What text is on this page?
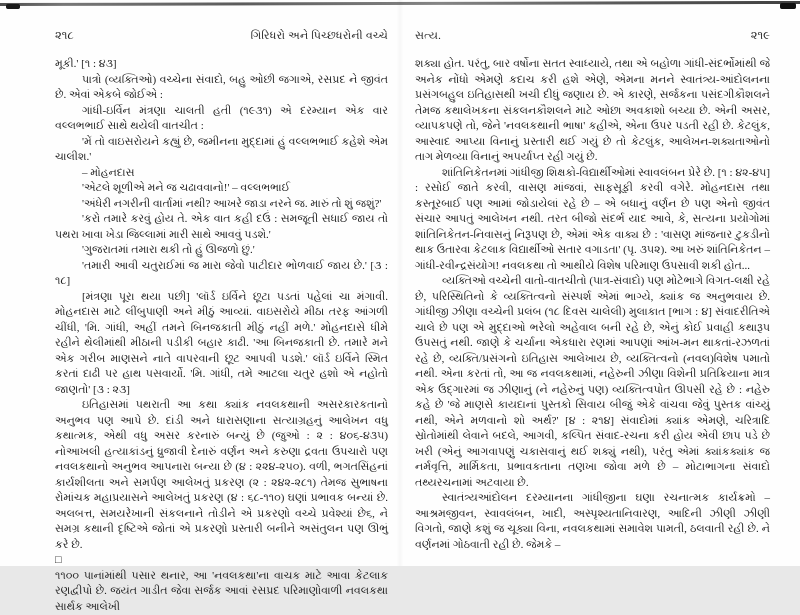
૨૧૮	ગિરિધરો અને પિચ્છધરોની વચ્ચે

મૂકી.' [૧ : ૪૩]

પાત્રો (વ્યક્તિઓ) વચ્ચેના સંવાદો, બહુ ઓછી જગાએ, રસપ્રદ ને જીવંત છે. એવાં એકબે જોઈએ :

ગાંધી-ઇર્વિન મંત્રણા ચાલતી હતી (૧૯૩૧) એ દરમ્યાન એક વાર વલ્લભભાઈ સાથે થયેલી વાતચીત :

'મેં તો વાઇસરોયને કહ્યું છે, જમીનના મુદ્દામાં હું વલ્લભભાઈ કહેશે એમ ચાલીશ.'

– મોહનદાસ

'એટલે શૂળીએ મને જ ચઢાવવાનો!' – વલ્લભભાઈ

'અંધેરી નગરીની વાર્તામાં નથી? આખરે જાડા નરને જ. મારું તો શું જશું?'

'કરો તમારે કરવું હોય તે. એક વાત કહી દઉં : સમજૂતી સધાઈ જાય તો પથરા ખાવા ખેડા જિલ્લામાં મારી સાથે આવવું પડશે.'

'ગુજરાતમાં તમારા થકી તો હું ઊજળો છું.'

'તમારી આવી ચતુરાઈમાં જ મારા જેવો પાટીદાર ભોળવાઈ જાય છે.' [૩ : ૧૮]

[મંત્રણા પૂરા થયા પછી] 'લૉર્ડ ઇર્વિને છૂટા પડતાં પહેલાં ચા મંગાવી. મોહનદાસ માટે લીંબુપાણી અને મીઠું આવ્યાં. વાઇસરોયે મીઠા તરફ આંગળી ચીંધી, 'મિ. ગાંધી, અહીં તમને બિનજકાતી મીઠું નહીં મળે.' મોહનદાસે ધીમે રહીને થેલીમાંથી મીઠાની પડીકી બહાર કાઢી. 'આ બિનજકાતી છે. તમારે મને એક ગરીબ માણસને નાતે વાપરવાની છૂટ આપવી પડશે.' લૉર્ડ ઇર્વિને સ્મિત કરતાં દાઢી પર હાથ પસવાર્યો. 'મિ. ગાંધી, તમે આટલા ચતુર હશો એ નહોતો જાણતો' [૩ : ૨૩]

ઇતિહાસમાં પથરાતી આ કથા ક્યાંક નવલકથાની અસરકારકતાનો અનુભવ પણ આપે છે. દાંડી અને ધારાસણાના સત્યાગ્રહનું આલેખન વધુ કથાત્મક, એથી વધુ અસર કરનારું બન્યું છે (જુઓ : ૨ : ૪૦૬-૪૩૫) નોઆખલી હત્યાકાંડનું ધ્રુજાવી દેનારું વર્ણન અને કરુણા દ્રવતા ઉપચારો પણ નવલકથાનો અનુભવ આપનારા બન્યા છે (૪ : ૨૨૪-૨૫૦). વળી, ભગતસિંહનાં કાર્યશીલતા અને સમર્પણ આલેખતું પ્રકરણ (૨ : ૨૪૨-૨૮૧) તેમજ સુભાષના રોમાંચક મહાપ્રયાસને આલેખતું પ્રકરણ (૪ : ૬૮-૧૧૦) ઘણાં પ્રભાવક બન્યાં છે. અલબત્ત, સમયરેખાની સંકલનાને તોડીને એ પ્રકરણો વચ્ચે પ્રવેશ્યાં છે૬, ને સમગ્ર કથાની દૃષ્ટિએ જોતાં એ પ્રકરણો પ્રસ્તારી બનીને અસંતુલન પણ ઊભું કરે છે.

□

૧૧૦૦ પાનાંમાંથી પસાર થનાર, આ 'નવલકથા'ના વાચક માટે આવા કેટલાક રણદ્વીપો છે. જયંત ગાડીત જેવા સર્જક આવાં રસપ્રદ પરિમાણોવાળી નવલકથા સાર્થક આલેખી

સત્ય.	૨૧૯

શક્યા હોત. પરંતુ, બાર વર્ષોના સતત સ્વાધ્યાયે, તથા એ બહોળા ગાંધી-સંદર્ભોમાંથી જે અનેક નોંધો એમણે કદાચ કરી હશે એણે, એમના મનને સ્વાતંત્ર્ય-આંદોલનના પ્રસંગબહુલ ઇતિહાસથી ખચી દીધું જણાય છે. એ કારણે, સર્જકના પસંદગીકૌશલને તેમજ કથાલેખકના સંકલનકૌશલને માટે ઓછા અવકાશો બચ્યા છે. એની અસર, વ્યાપકપણે તો, જેને 'નવલકથાની ભાષા' કહીએ, એના ઉપર પડતી રહી છે. કેટલુંક, આસ્વાદ આપ્યા વિનાનું પ્રસ્તારી થઈ ગયું છે તો કેટલુંક, આલેખન-શક્યતાઓનો તાગ મેળવ્યા વિનાનું અપર્યાપ્ત રહી ગયું છે.

શાંતિનિકેતનમાં ગાંધીજી શિક્ષકો-વિદ્યાર્થીઓમાં સ્વાવલંબન પ્રેરે છે. [૧ : ૪૨-૪૫] : રસોઈ જાતે કરવી, વાસણ માંજવાં, સાફસૂફી કરવી વગેરે. મોહનદાસ તથા કસ્તૂરબાઈ પણ આમાં જોડાયેલાં રહે છે – એ બધાનું વર્ણન છે પણ એનો જીવંત સંચાર આપતું આલેખન નથી. તરત બીજો સંદર્ભ યાદ આવે, કે, સત્યના પ્રયોગોમાં શાંતિનિકેતન-નિવાસનું નિરૂપણ છે, એમાં એક વાક્ય છે : 'વાસણ માંજનાર ટુકડીનો થાક ઉતારવા કેટલાક વિદ્યાર્થીઓ સતાર વગાડતા' (પૃ. ૩૫૨). આ ખરું શાંતિનિકેતન – ગાંધી-રવીન્દ્રસંયોગ! નવલકથા તો આથીયે વિશેષ પરિમાણ ઉપસાવી શકી હોત...

વ્યક્તિઓ વચ્ચેની વાતો-વાતચીતો (પાત્ર-સંવાદો) પણ મોટેભાગે વિગત-લક્ષી રહે છે, પરિસ્થિતિનો કે વ્યક્તિત્વનો સંસ્પર્શ એમાં ભાગ્યે, ક્યાંક જ અનુભવાય છે. ગાંધીજી ઝીણા વચ્ચેની પ્રલંબ (૧૮ દિવસ ચાલેલી) મુલાકાત [ભાગ : ૪] સંવાદરીતિએ ચાલે છે પણ એ મુદ્દાઓ ભરેલો અહેવાલ બની રહે છે, એનું કોઈ પ્રવાહી કથારૂપ ઉપસતું નથી. જાણે કે ચર્ચાના એકધારા રણમાં આપણાં આંખ-મન થાકતાં-રઝળતાં રહે છે, વ્યક્તિ/પ્રસંગનો ઇતિહાસ આલેખાય છે, વ્યક્તિત્વનો (નવલ)વિશેષ પમાતો નથી. એના કરતાં તો, આ જ નવલકથામાં, નહેરુની ઝીણા વિશેની પ્રતિક્રિયાના માત્ર એક ઉદ્ગારમાં જ ઝીણાનું (ને નહેરુનું પણ) વ્યક્તિત્વપોત ઊપસી રહે છે : નહેરુ કહે છે 'જે માણસે કાયદાનાં પુસ્તકો સિવાય બીજું એકે વાંચવા જેવું પુસ્તક વાંચ્યું નથી, એને મળવાનો શો અર્થ?' [૪ : ૨૧૪] સંવાદોમાં ક્યાંક એમણે, ચરિત્રાદિ સ્રોતોમાંથી લેવાને બદલે, આગવી, કલ્પિત સંવાદ-રચના કરી હોય એવી છાપ પડે છે ખરી (એનું આગવાપણું ચકાસવાનું થઈ શક્યું નથી), પરંતુ એમાં ક્યાંકક્યાંક જ નર્મવૃત્તિ, માર્મિકતા, પ્રભાવકતાના તણખા જોવા મળે છે – મોટાભાગના સંવાદો તથ્યરચનામાં અટવાયા છે.

સ્વાતંત્ર્યઆંદોલન દરમ્યાનના ગાંધીજીના ઘણા રચનાત્મક કાર્યક્રમો – આશ્રમજીવન, સ્વાવલંબન, ખાદી, અસ્પૃશ્યતાનિવારણ, આદિની ઝીણી ઝીણી વિગતો, જાણે કશું જ ચૂક્યા વિના, નવલકથામાં સમાવેશ પામતી, ઠલવાતી રહી છે. ને વર્ણનમાં ગોઠવાતી રહી છે. જેમકે –
